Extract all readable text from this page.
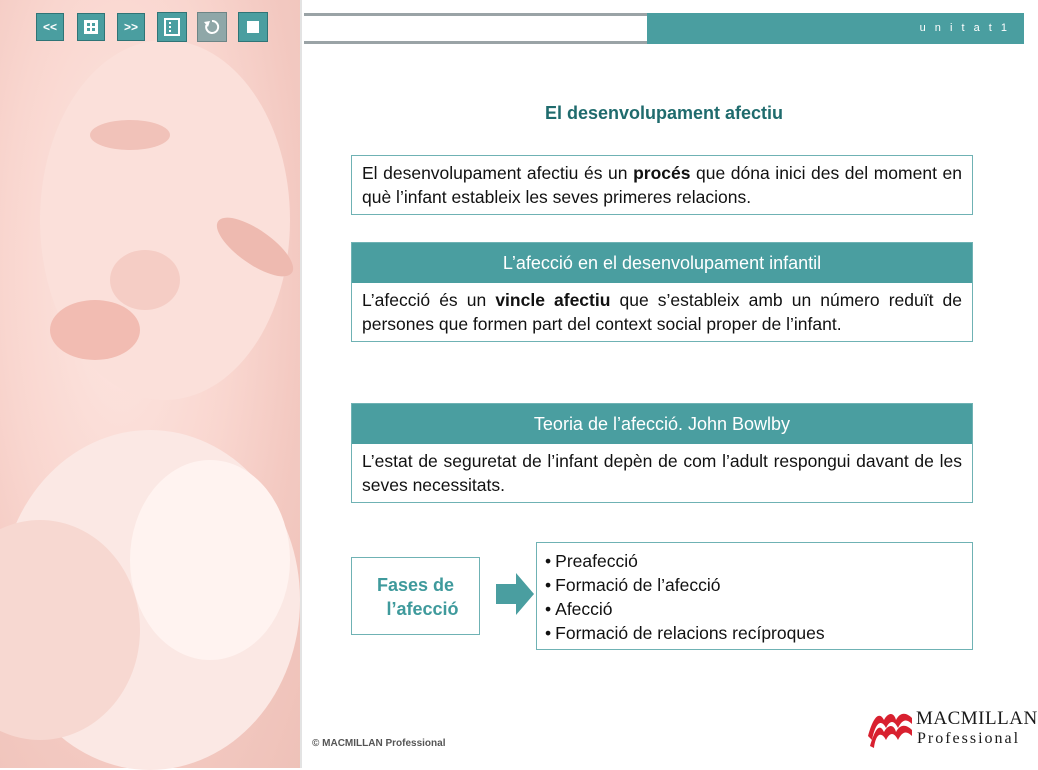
<<	>>	u n i t a t 1
El desenvolupament afectiu
El desenvolupament afectiu és un procés que dóna inici des del moment en què l’infant estableix les seves primeres relacions.
L’afecció en el desenvolupament infantil
L’afecció és un vincle afectiu que s’estableix amb un número reduït de persones que formen part del context social proper de l’infant.
Teoria de l’afecció. John Bowlby
L’estat de seguretat de l’infant depèn de com l’adult respongui davant de les seves necessitats.
Fases de
l’afecció
• Preafecció
• Formació de l’afecció
• Afecció
• Formació de relacions recíproques
© MACMILLAN Professional
MACMILLAN
Professional
